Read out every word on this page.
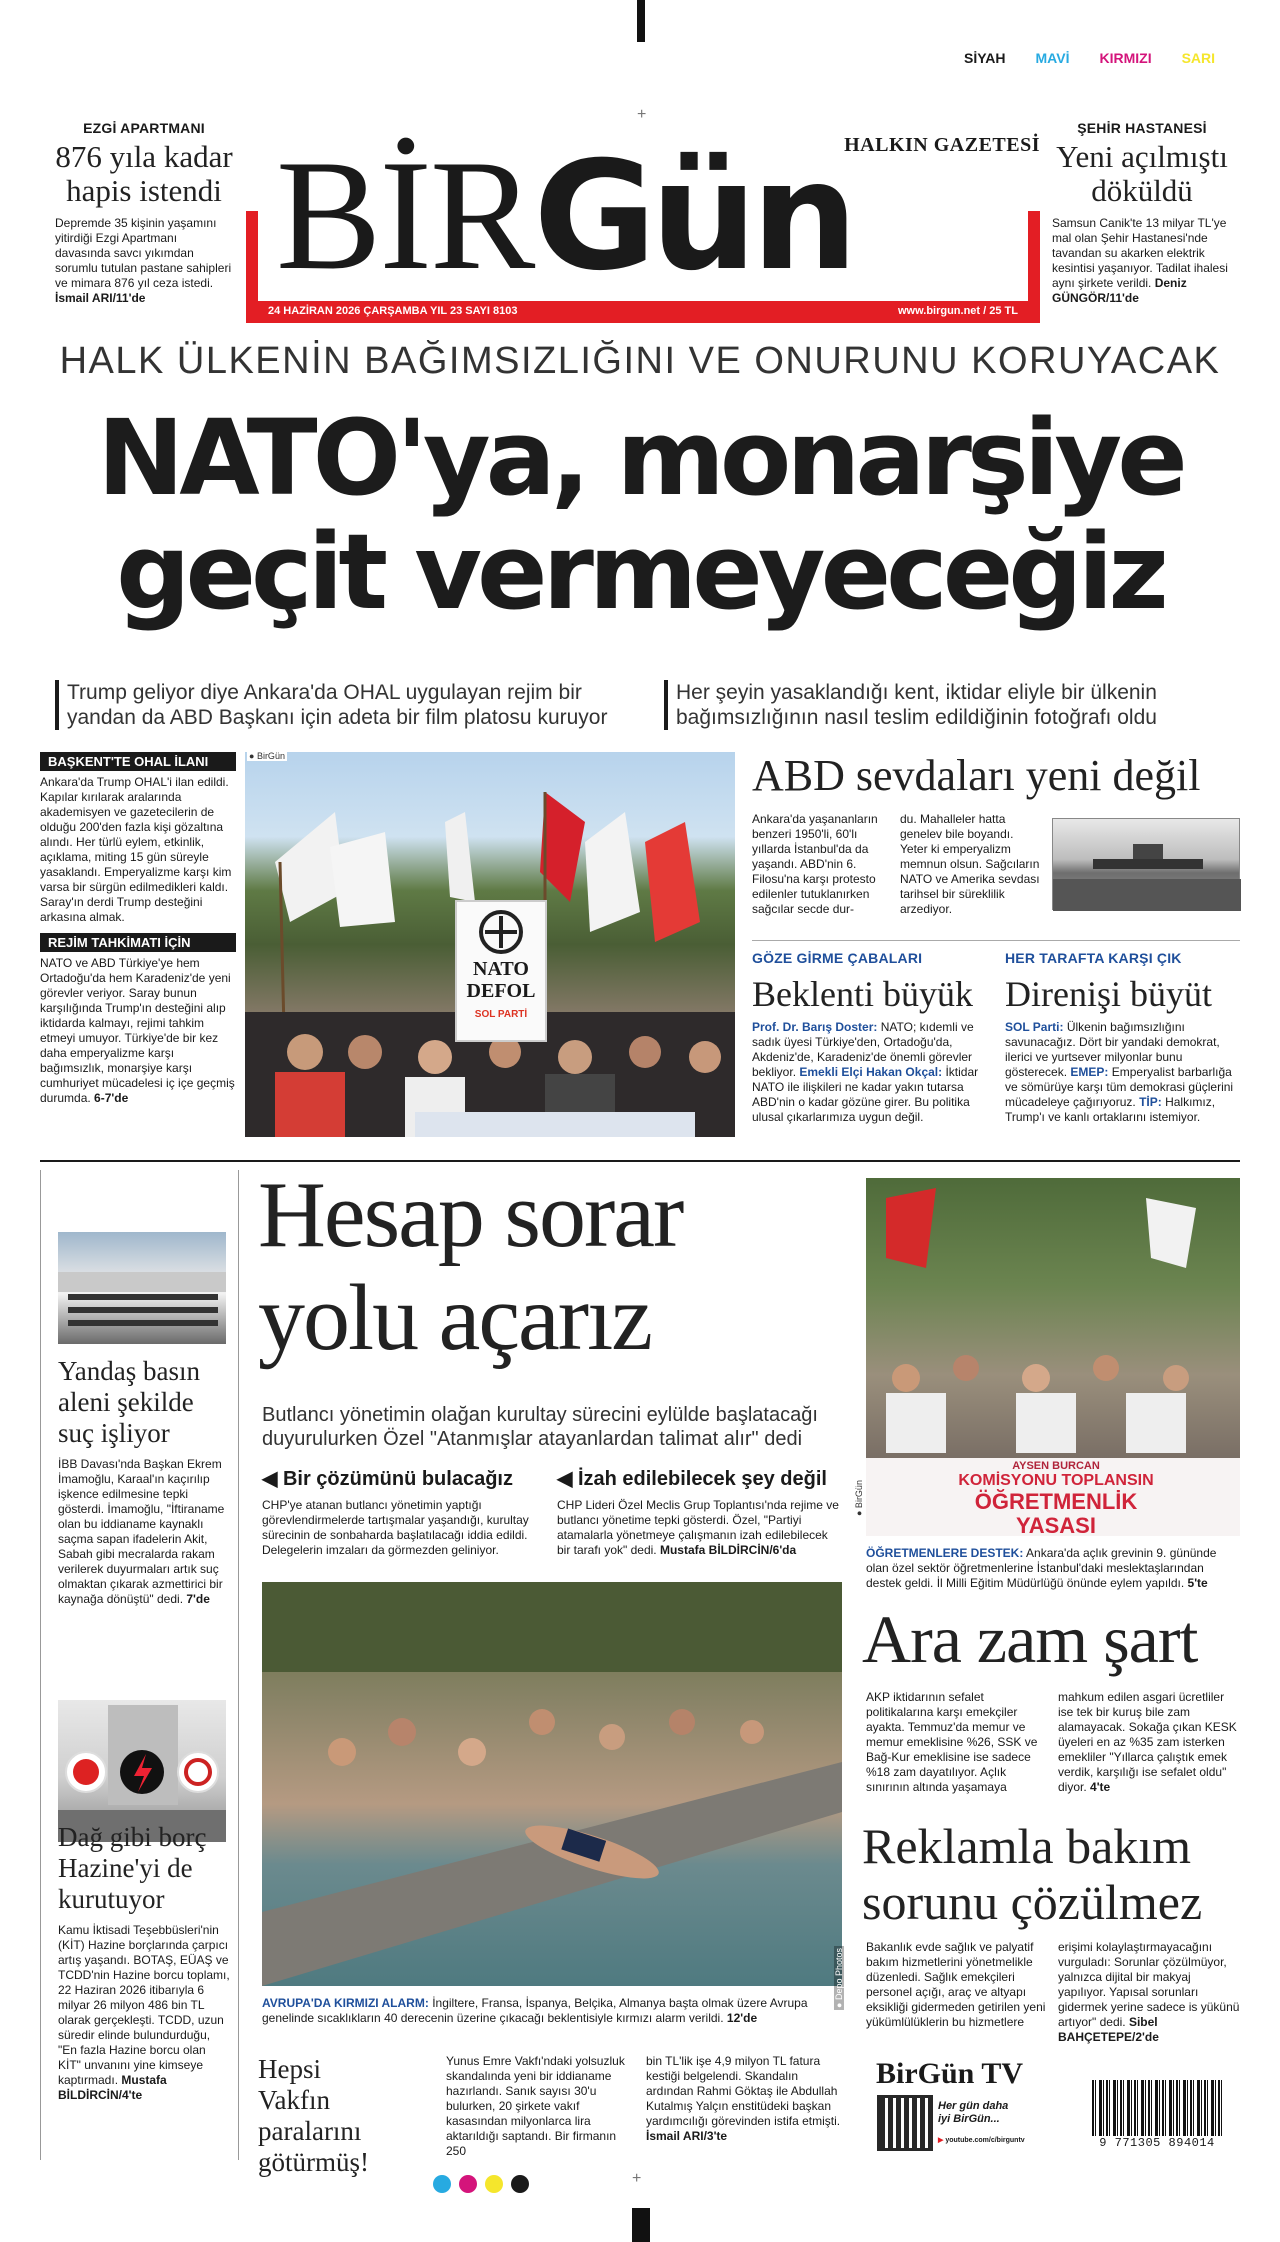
+
+
SİYAH MAVİ KIRMIZI SARI
EZGİ APARTMANI
876 yıla kadar hapis istendi
Depremde 35 kişinin yaşamını yitirdiği Ezgi Apartmanı davasında savcı yıkımdan sorumlu tutulan pastane sahipleri ve mimara 876 yıl ceza istedi. İsmail ARI/11'de
ŞEHİR HASTANESİ
Yeni açılmıştı döküldü
Samsun Canik'te 13 milyar TL'ye mal olan Şehir Hastanesi'nde tavandan su akarken elektrik kesintisi yaşanıyor. Tadilat ihalesi aynı şirkete verildi. Deniz GÜNGÖR/11'de
BİRGün
HALKIN GAZETESİ
24 HAZİRAN 2026 ÇARŞAMBA YIL 23 SAYI 8103	www.birgun.net / 25 TL
HALK ÜLKENİN BAĞIMSIZLIĞINI VE ONURUNU KORUYACAK
NATO'ya, monarşiye
geçit vermeyeceğiz
Trump geliyor diye Ankara'da OHAL uygulayan rejim bir yandan da ABD Başkanı için adeta bir film platosu kuruyor
Her şeyin yasaklandığı kent, iktidar eliyle bir ülkenin bağımsızlığının nasıl teslim edildiğinin fotoğrafı oldu
BAŞKENT'TE OHAL İLANI
Ankara'da Trump OHAL'i ilan edildi. Kapılar kırılarak aralarında akademisyen ve gazetecilerin de olduğu 200'den fazla kişi gözaltına alındı. Her türlü eylem, etkinlik, açıklama, miting 15 gün süreyle yasaklandı. Emperyalizme karşı kim varsa bir sürgün edilmedikleri kaldı. Saray'ın derdi Trump desteğini arkasına almak.
REJİM TAHKİMATI İÇİN
NATO ve ABD Türkiye'ye hem Ortadoğu'da hem Karadeniz'de yeni görevler veriyor. Saray bunun karşılığında Trump'ın desteğini alıp iktidarda kalmayı, rejimi tahkim etmeyi umuyor. Türkiye'de bir kez daha emperyalizme karşı bağımsızlık, monarşiye karşı cumhuriyet mücadelesi iç içe geçmiş durumda. 6-7'de
● BirGün
NATO
DEFOL
SOL PARTİ
ABD sevdaları yeni değil
Ankara'da yaşananların benzeri 1950'li, 60'lı yıllarda İstanbul'da da yaşandı. ABD'nin 6. Filosu'na karşı protesto edilenler tutuklanırken sağcılar secde dur-
du. Mahalleler hatta genelev bile boyandı. Yeter ki emperyalizm memnun olsun. Sağcıların NATO ve Amerika sevdası tarihsel bir süreklilik arzediyor.
GÖZE GİRME ÇABALARI
Beklenti büyük
Prof. Dr. Barış Doster: NATO; kıdemli ve sadık üyesi Türkiye'den, Ortadoğu'da, Akdeniz'de, Karadeniz'de önemli görevler bekliyor. Emekli Elçi Hakan Okçal: İktidar NATO ile ilişkileri ne kadar yakın tutarsa ABD'nin o kadar gözüne girer. Bu politika ulusal çıkarlarımıza uygun değil.
HER TARAFTA KARŞI ÇIK
Direnişi büyüt
SOL Parti: Ülkenin bağımsızlığını savunacağız. Dört bir yandaki demokrat, ilerici ve yurtsever milyonlar bunu gösterecek. EMEP: Emperyalist barbarlığa ve sömürüye karşı tüm demokrasi güçlerini mücadeleye çağırıyoruz. TİP: Halkımız, Trump'ı ve kanlı ortaklarını istemiyor.
Yandaş basın aleni şekilde suç işliyor
İBB Davası'nda Başkan Ekrem İmamoğlu, Karaal'ın kaçırılıp işkence edilmesine tepki gösterdi. İmamoğlu, "İftiraname olan bu iddianame kaynaklı saçma sapan ifadelerin Akit, Sabah gibi mecralarda rakam verilerek duyurmaları artık suç olmaktan çıkarak azmettirici bir kaynağa dönüştü" dedi. 7'de
Dağ gibi borç Hazine'yi de kurutuyor
Kamu İktisadi Teşebbüsleri'nin (KİT) Hazine borçlarında çarpıcı artış yaşandı. BOTAŞ, EÜAŞ ve TCDD'nin Hazine borcu toplamı, 22 Haziran 2026 itibarıyla 6 milyar 26 milyon 486 bin TL olarak gerçekleşti. TCDD, uzun süredir elinde bulundurduğu, "En fazla Hazine borcu olan KİT" unvanını yine kimseye kaptırmadı. Mustafa BİLDİRCİN/4'te
Hesap sorar
yolu açarız
Butlancı yönetimin olağan kurultay sürecini eylülde başlatacağı duyurulurken Özel "Atanmışlar atayanlardan talimat alır" dedi
◀ Bir çözümünü bulacağız	◀ İzah edilebilecek şey değil
CHP'ye atanan butlancı yönetimin yaptığı görevlendirmelerde tartışmalar yaşandığı, kurultay sürecinin de sonbaharda başlatılacağı iddia edildi. Delegelerin imzaları da görmezden geliniyor.
CHP Lideri Özel Meclis Grup Toplantısı'nda rejime ve butlancı yönetime tepki gösterdi. Özel, "Partiyi atamalarla yönetmeye çalışmanın izah edilebilecek bir tarafı yok" dedi. Mustafa BİLDİRCİN/6'da
● Depo Photos
AVRUPA'DA KIRMIZI ALARM: İngiltere, Fransa, İspanya, Belçika, Almanya başta olmak üzere Avrupa genelinde sıcaklıkların 40 derecenin üzerine çıkacağı beklentisiyle kırmızı alarm verildi. 12'de
Hepsi Vakfın paralarını götürmüş!
Yunus Emre Vakfı'ndaki yolsuzluk skandalında yeni bir iddianame hazırlandı. Sanık sayısı 30'u bulurken, 20 şirkete vakıf kasasından milyonlarca lira aktarıldığı saptandı. Bir firmanın 250
bin TL'lik işe 4,9 milyon TL fatura kestiği belgelendi. Skandalın ardından Rahmi Göktaş ile Abdullah Kutalmış Yalçın enstitüdeki başkan yardımcılığı görevinden istifa etmişti. İsmail ARI/3'te
AYSEN BURCAN
KOMİSYONU TOPLANSIN
ÖĞRETMENLİK
YASASI
● BirGün
ÖĞRETMENLERE DESTEK: Ankara'da açlık grevinin 9. gününde olan özel sektör öğretmenlerine İstanbul'daki meslektaşlarından destek geldi. İl Milli Eğitim Müdürlüğü önünde eylem yapıldı. 5'te
Ara zam şart
AKP iktidarının sefalet politikalarına karşı emekçiler ayakta. Temmuz'da memur ve memur emeklisine %26, SSK ve Bağ-Kur emeklisine ise sadece %18 zam dayatılıyor. Açlık sınırının altında yaşamaya
mahkum edilen asgari ücretliler ise tek bir kuruş bile zam alamayacak. Sokağa çıkan KESK üyeleri en az %35 zam isterken emekliler "Yıllarca çalıştık emek verdik, karşılığı ise sefalet oldu" diyor. 4'te
Reklamla bakım
sorunu çözülmez
Bakanlık evde sağlık ve palyatif bakım hizmetlerini yönetmelikle düzenledi. Sağlık emekçileri personel açığı, araç ve altyapı eksikliği gidermeden getirilen yeni yükümlülüklerin bu hizmetlere
erişimi kolaylaştırmayacağını vurguladı: Sorunlar çözülmüyor, yalnızca dijital bir makyaj yapılıyor. Yapısal sorunları gidermek yerine sadece is yükünü artıyor" dedi. Sibel BAHÇETEPE/2'de
BirGün TV
Her gün daha
iyi BirGün...
▶ youtube.com/c/birguntv	9 771305 894014
